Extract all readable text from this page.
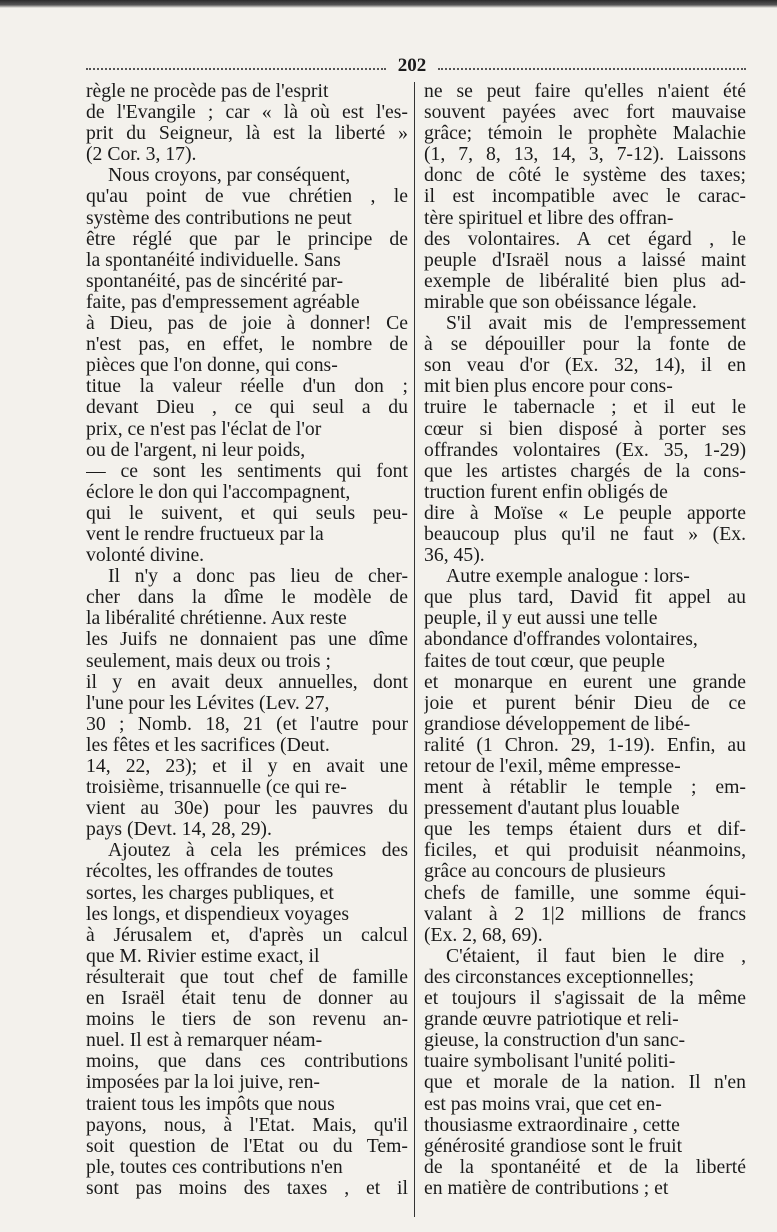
202
règle ne procède pas de l'esprit
de l'Evangile ; car « là où est l'es-
prit du Seigneur, là est la liberté »
(2 Cor. 3, 17).
Nous croyons, par conséquent,
qu'au point de vue chrétien , le
système des contributions ne peut
être réglé que par le principe de
la spontanéité individuelle. Sans
spontanéité, pas de sincérité par-
faite, pas d'empressement agréable
à Dieu, pas de joie à donner! Ce
n'est pas, en effet, le nombre de
pièces que l'on donne, qui cons-
titue la valeur réelle d'un don ;
devant Dieu , ce qui seul a du
prix, ce n'est pas l'éclat de l'or
ou de l'argent, ni leur poids,
— ce sont les sentiments qui font
éclore le don qui l'accompagnent,
qui le suivent, et qui seuls peu-
vent le rendre fructueux par la
volonté divine.
Il n'y a donc pas lieu de cher-
cher dans la dîme le modèle de
la libéralité chrétienne. Aux reste
les Juifs ne donnaient pas une dîme
seulement, mais deux ou trois ;
il y en avait deux annuelles, dont
l'une pour les Lévites (Lev. 27,
30 ; Nomb. 18, 21 (et l'autre pour
les fêtes et les sacrifices (Deut.
14, 22, 23); et il y en avait une
troisième, trisannuelle (ce qui re-
vient au 30e) pour les pauvres du
pays (Devt. 14, 28, 29).
Ajoutez à cela les prémices des
récoltes, les offrandes de toutes
sortes, les charges publiques, et
les longs, et dispendieux voyages
à Jérusalem et, d'après un calcul
que M. Rivier estime exact, il
résulterait que tout chef de famille
en Israël était tenu de donner au
moins le tiers de son revenu an-
nuel. Il est à remarquer néam-
moins, que dans ces contributions
imposées par la loi juive, ren-
traient tous les impôts que nous
payons, nous, à l'Etat. Mais, qu'il
soit question de l'Etat ou du Tem-
ple, toutes ces contributions n'en
sont pas moins des taxes , et il
ne se peut faire qu'elles n'aient été
souvent payées avec fort mauvaise
grâce; témoin le prophète Malachie
(1, 7, 8, 13, 14, 3, 7-12). Laissons
donc de côté le système des taxes;
il est incompatible avec le carac-
tère spirituel et libre des offran-
des volontaires. A cet égard , le
peuple d'Israël nous a laissé maint
exemple de libéralité bien plus ad-
mirable que son obéissance légale.
S'il avait mis de l'empressement
à se dépouiller pour la fonte de
son veau d'or (Ex. 32, 14), il en
mit bien plus encore pour cons-
truire le tabernacle ; et il eut le
cœur si bien disposé à porter ses
offrandes volontaires (Ex. 35, 1-29)
que les artistes chargés de la cons-
truction furent enfin obligés de
dire à Moïse « Le peuple apporte
beaucoup plus qu'il ne faut » (Ex.
36, 45).
Autre exemple analogue : lors-
que plus tard, David fit appel au
peuple, il y eut aussi une telle
abondance d'offrandes volontaires,
faites de tout cœur, que peuple
et monarque en eurent une grande
joie et purent bénir Dieu de ce
grandiose développement de libé-
ralité (1 Chron. 29, 1-19). Enfin, au
retour de l'exil, même empresse-
ment à rétablir le temple ; em-
pressement d'autant plus louable
que les temps étaient durs et dif-
ficiles, et qui produisit néanmoins,
grâce au concours de plusieurs
chefs de famille, une somme équi-
valant à 2 1|2 millions de francs
(Ex. 2, 68, 69).
C'étaient, il faut bien le dire ,
des circonstances exceptionnelles;
et toujours il s'agissait de la même
grande œuvre patriotique et reli-
gieuse, la construction d'un sanc-
tuaire symbolisant l'unité politi-
que et morale de la nation. Il n'en
est pas moins vrai, que cet en-
thousiasme extraordinaire , cette
générosité grandiose sont le fruit
de la spontanéité et de la liberté
en matière de contributions ; et
